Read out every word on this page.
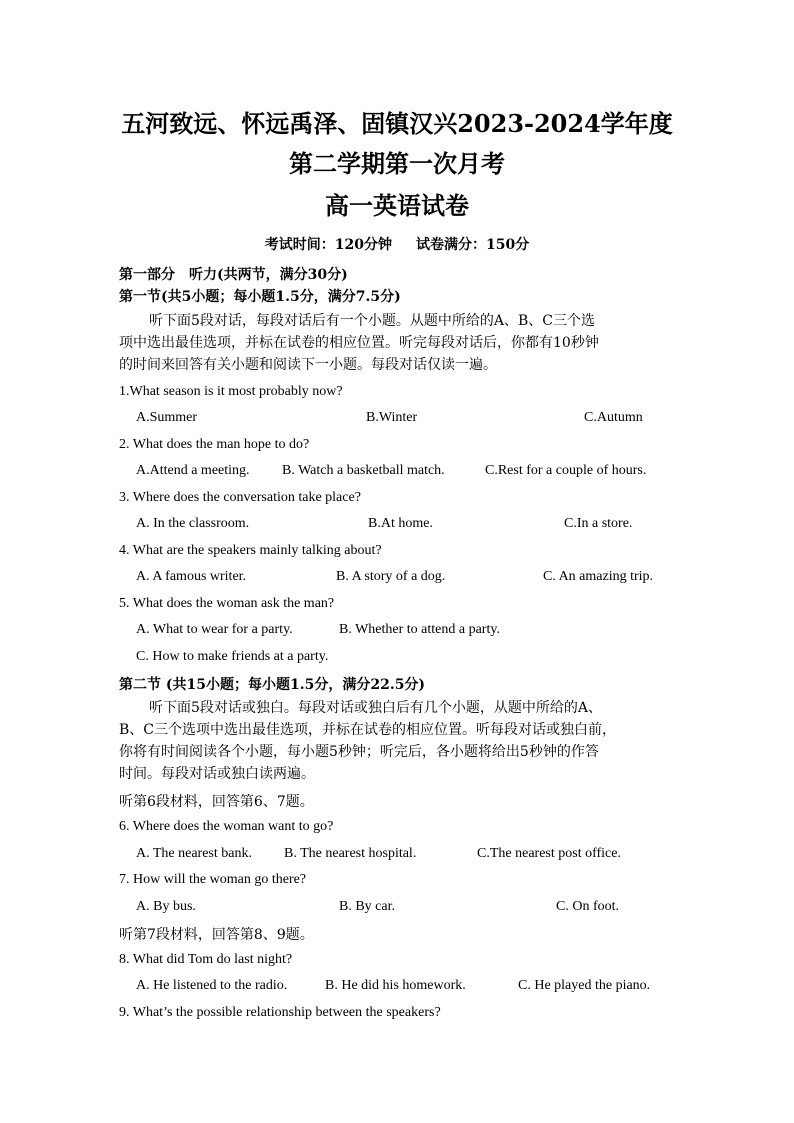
五河致远、怀远禹泽、固镇汉兴2023-2024学年度
第二学期第一次月考
高一英语试卷
考试时间：120分钟 试卷满分：150分
第一部分　听力(共两节，满分30分)
第一节(共5小题；每小题1.5分，满分7.5分)
听下面5段对话，每段对话后有一个小题。从题中所给的A、B、C三个选
项中选出最佳选项，并标在试卷的相应位置。听完每段对话后，你都有10秒钟
的时间来回答有关小题和阅读下一小题。每段对话仅读一遍。
1.What season is it most probably now?
A.Summer	B.Winter	C.Autumn
2. What does the man hope to do?
A.Attend a meeting. B. Watch a basketball match.	C.Rest for a couple of hours.
3. Where does the conversation take place?
A. In the classroom.	B.At home.	C.In a store.
4. What are the speakers mainly talking about?
A. A famous writer.	B. A story of a dog.	C. An amazing trip.
5. What does the woman ask the man?
A. What to wear for a party.	B. Whether to attend a party.
C. How to make friends at a party.
第二节 (共15小题；每小题1.5分，满分22.5分)
听下面5段对话或独白。每段对话或独白后有几个小题，从题中所给的A、
B、C三个选项中选出最佳选项，并标在试卷的相应位置。听每段对话或独白前，
你将有时间阅读各个小题，每小题5秒钟；听完后，各小题将给出5秒钟的作答
时间。每段对话或独白读两遍。
听第6段材料，回答第6、7题。
6. Where does the woman want to go?
A. The nearest bank. B. The nearest hospital.	C.The nearest post office.
7. How will the woman go there?
A. By bus.	B. By car.	C. On foot.
听第7段材料，回答第8、9题。
8. What did Tom do last night?
A. He listened to the radio.	B. He did his homework.	C. He played the piano.
9. What’s the possible relationship between the speakers?
